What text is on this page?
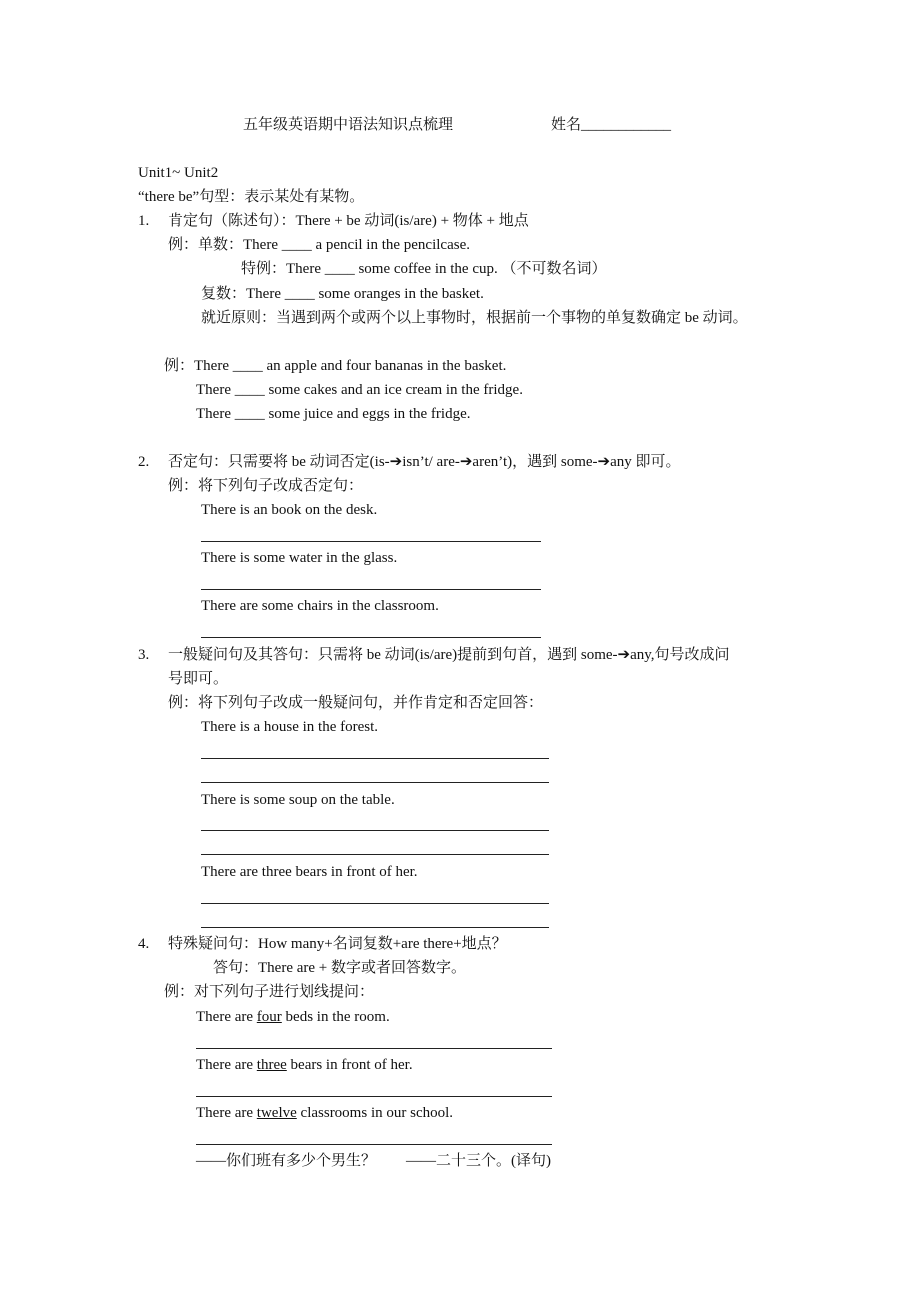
五年级英语期中语法知识点梳理	姓名____________
Unit1~ Unit2
“there be”句型：表示某处有某物。
1. 肯定句（陈述句）：There + be 动词(is/are) + 物体 + 地点
例：单数：There ____ a pencil in the pencilcase.
特例：There ____ some coffee in the cup. （不可数名词）
复数：There ____ some oranges in the basket.
就近原则：当遇到两个或两个以上事物时，根据前一个事物的单复数确定 be 动词。
例：There ____ an apple and four bananas in the basket.
There ____ some cakes and an ice cream in the fridge.
There ____ some juice and eggs in the fridge.
2. 否定句：只需要将 be 动词否定(is-➔isn’t/ are-➔aren’t)，遇到 some-➔any 即可。
例：将下列句子改成否定句：
There is an book on the desk.
There is some water in the glass.
There are some chairs in the classroom.
3. 一般疑问句及其答句：只需将 be 动词(is/are)提前到句首，遇到 some-➔any,句号改成问
号即可。
例：将下列句子改成一般疑问句，并作肯定和否定回答：
There is a house in the forest.
There is some soup on the table.
There are three bears in front of her.
4. 特殊疑问句：How many+名词复数+are there+地点？
答句：There are + 数字或者回答数字。
例：对下列句子进行划线提问：
There are four beds in the room.
There are three bears in front of her.
There are twelve classrooms in our school.
——你们班有多少个男生？        ——二十三个。(译句)
